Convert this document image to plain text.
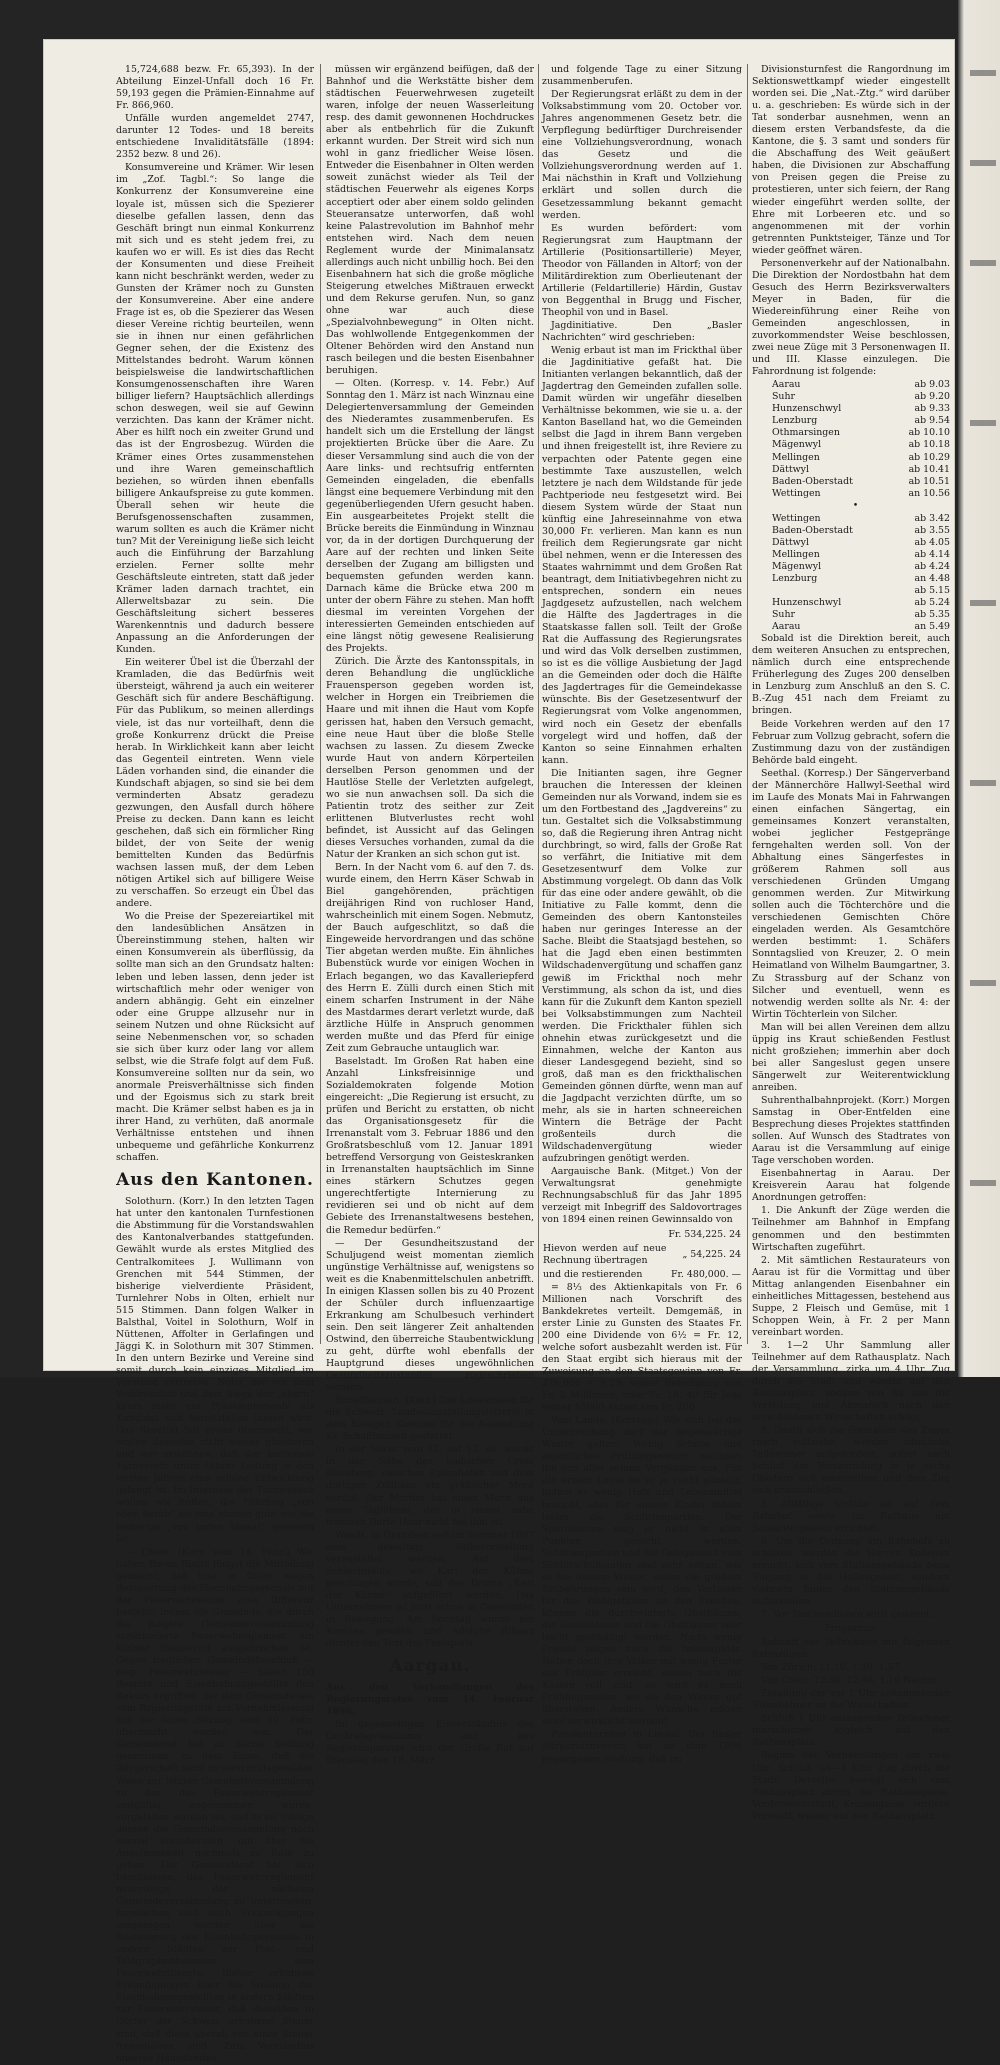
15,724,688 bezw. Fr. 65,393). In der Abteilung Einzel-Unfall doch 16 Fr. 59,193 gegen die Prämien-Einnahme auf Fr. 866,960.

Unfälle wurden angemeldet 2747, darunter 12 Todes- und 18 bereits entschiedene Invaliditätsfälle (1894: 2352 bezw. 8 und 26).

Konsumvereine und Krämer. Wir lesen im „Zof. Tagbl.“: So lange die Konkurrenz der Konsumvereine eine loyale ist, müssen sich die Spezierer dieselbe gefallen lassen, denn das Geschäft bringt nun einmal Konkurrenz mit sich und es steht jedem frei, zu kaufen wo er will. Es ist dies das Recht der Konsumenten und diese Freiheit kann nicht beschränkt werden, weder zu Gunsten der Krämer noch zu Gunsten der Konsumvereine. Aber eine andere Frage ist es, ob die Spezierer das Wesen dieser Vereine richtig beurteilen, wenn sie in ihnen nur einen gefährlichen Gegner sehen, der die Existenz des Mittelstandes bedroht. Warum können beispielsweise die landwirtschaftlichen Konsumgenossenschaften ihre Waren billiger liefern? Hauptsächlich allerdings schon deswegen, weil sie auf Gewinn verzichten. Das kann der Krämer nicht. Aber es hilft noch ein zweiter Grund und das ist der Engrosbezug. Würden die Krämer eines Ortes zusammenstehen und ihre Waren gemeinschaftlich beziehen, so würden ihnen ebenfalls billigere Ankaufspreise zu gute kommen. Überall sehen wir heute die Berufsgenossenschaften zusammen, warum sollten es auch die Krämer nicht tun? Mit der Vereinigung ließe sich leicht auch die Einführung der Barzahlung erzielen. Ferner sollte mehr Geschäftsleute eintreten, statt daß jeder Krämer laden darnach trachtet, ein Allerweltsbazar zu sein. Die Geschäftsleitung sichert besseres Warenkenntnis und dadurch bessere Anpassung an die Anforderungen der Kunden.

Ein weiterer Übel ist die Überzahl der Kramladen, die das Bedürfnis weit übersteigt, während ja auch ein weiterer Geschäft sich für andere Beschäftigung. Für das Publikum, so meinen allerdings viele, ist das nur vorteilhaft, denn die große Konkurrenz drückt die Preise herab. In Wirklichkeit kann aber leicht das Gegenteil eintreten. Wenn viele Läden vorhanden sind, die einander die Kundschaft abjagen, so sind sie bei dem verminderten Absatz geradezu gezwungen, den Ausfall durch höhere Preise zu decken. Dann kann es leicht geschehen, daß sich ein förmlicher Ring bildet, der von Seite der wenig bemittelten Kunden das Bedürfnis wachsen lassen muß, der dem Leben nötigen Artikel sich auf billigere Weise zu verschaffen. So erzeugt ein Übel das andere.

Wo die Preise der Spezereiartikel mit den landesüblichen Ansätzen in Übereinstimmung stehen, halten wir einen Konsumverein als überflüssig, da sollte man sich an den Grundsatz halten: leben und leben lassen, denn jeder ist wirtschaftlich mehr oder weniger von andern abhängig. Geht ein einzelner oder eine Gruppe allzusehr nur in seinem Nutzen und ohne Rücksicht auf seine Nebenmenschen vor, so schaden sie sich über kurz oder lang vor allem selbst, wie die Strafe folgt auf dem Fuß. Konsumvereine sollten nur da sein, wo anormale Preisverhältnisse sich finden und der Egoismus sich zu stark breit macht. Die Krämer selbst haben es ja in ihrer Hand, zu verhüten, daß anormale Verhältnisse entstehen und ihnen unbequeme und gefährliche Konkurrenz schaffen.

Aus den Kantonen.

Solothurn. (Korr.) In den letzten Tagen hat unter den kantonalen Turnfestionen die Abstimmung für die Vorstandswahlen des Kantonalverbandes stattgefunden. Gewählt wurde als erstes Mitglied des Centralkomitees J. Wullimann von Grenchen mit 544 Stimmen, der bisherige vielverdiente Präsident, Turnlehrer Nobs in Olten, erhielt nur 515 Stimmen. Dann folgen Walker in Balsthal, Voitel in Solothurn, Wolf in Nüttenen, Affolter in Gerlafingen und Jäggi K. in Solothurn mit 307 Stimmen. In den untern Bezirke und Vereine sind somit durch kein einziges Mitglied im Vorstand vertreten. Nobs, der vor dem Wahlresultat und dem Siege der „obern“ kaum mehr zur Präsidentenwahl als Kandidat sich bereitstellen lassen wird. Das Resultat hat etwas überrascht, wir wollen dasselbe nicht weiter glossieren und nur erwähnen, daß der kantonale Turnverein unter Oltens Leitung in den letzten Jahren eine schöne Entwicklung gelangt ist. Im Interesse des Turnwesens wollen wir hoffen, die Führung „von oben herab“ sei eine ebenso gute wie die bisherige „von unten hinauf“ gewesen ist.

— Olten. (Korr. vom 14. Febr.) Wir haben Ihrem Blatte jüngst die Mitteilung gemacht, daß hier in Olten wegen Besteuerung des Eisenbahnpersonals mit der Feuerwehrsteuer eine Differenz bestehe, indem die Gemeinde, die durch die jüngste Gemeindeversammlung sanktionierte Feuerwehreglement ein kleiner Hausstreit ausgebrochen ist. Gegen fraglichen Gemeindebeschluß — resp. Feuerwehrsteuer — haben 150 Beamte und Eisenbahnangestellte den Rekurs ergriffen, der dem Gemeinderate vom Regierungsrate zur Vernehmlassung auf die letzte Sitzung vom 10. Febr. übermacht worden war. Der Gemeinderat hat zu Sache Stellung genommen, zu dem Sinne, daß die Bürgerschaft nicht in vorschriftsgemäßer Weise zur letzten Gemeindeversammlung zu der das Feuerwehrreglement endgültig angenommen wurde, vorgeladen worden sei, und es sei infolge dessen die Gemeindeversammlung noch einmal einzuberufen, um über die Angelegenheit nochmals zu Rate zu gehen. Der Gemeinderat hat sich beschlossen, das Feuerwehrreglement neuerdings der nächsten Gemeindeversammlung zu unterbreiten. Inzwischen sind auch Erkundigungen eingezogen worden über die Besteuerung des Eisenbahnpersonals in andern Städten zur Post- und Telegraphenbeamten vom Feuerwehrdienste. Bisher erhobene Erkundigungen über die Stellung der Eisenbahnangestellten in andern Städten zur Feuerwehrsteuer, daß dieselben in Dörfer der Schweiz erhobene Steuer sind, daß diese überall von einer Steuer freigehalten sind. Zum Verständnis unseres Hausstreites

müssen wir ergänzend beifügen, daß der Bahnhof und die Werkstätte bisher dem städtischen Feuerwehrwesen zugeteilt waren, infolge der neuen Wasserleitung resp. des damit gewonnenen Hochdruckes aber als entbehrlich für die Zukunft erkannt wurden. Der Streit wird sich nun wohl in ganz friedlicher Weise lösen. Entweder die Eisenbahner in Olten werden soweit zunächst wieder als Teil der städtischen Feuerwehr als eigenes Korps acceptiert oder aber einem soldo gelinden Steueransatze unterworfen, daß wohl keine Palastrevolution im Bahnhof mehr entstehen wird. Nach dem neuen Reglement wurde der Minimalansatz allerdings auch nicht unbillig hoch. Bei den Eisenbahnern hat sich die große mögliche Steigerung etwelches Mißtrauen erweckt und dem Rekurse gerufen. Nun, so ganz ohne war auch diese „Spezialvohnbewegung“ in Olten nicht. Das wohlwollende Entgegenkommen der Oltener Behörden wird den Anstand nun rasch beilegen und die besten Eisenbahner beruhigen.

— Olten. (Korresp. v. 14. Febr.) Auf Sonntag den 1. März ist nach Winznau eine Delegiertenversammlung der Gemeinden des Niederamtes zusammenberufen. Es handelt sich um die Erstellung der längst projektierten Brücke über die Aare. Zu dieser Versammlung sind auch die von der Aare links- und rechtsufrig entfernten Gemeinden eingeladen, die ebenfalls längst eine bequemere Verbindung mit den gegenüberliegenden Ufern gesucht haben. Ein ausgearbeitetes Projekt stellt die Brücke bereits die Einmündung in Winznau vor, da in der dortigen Durchquerung der Aare auf der rechten und linken Seite derselben der Zugang am billigsten und bequemsten gefunden werden kann. Darnach käme die Brücke etwa 200 m unter der obern Fähre zu stehen. Man hofft diesmal im vereinten Vorgehen der interessierten Gemeinden entschieden auf eine längst nötig gewesene Realisierung des Projekts.

Zürich. Die Ärzte des Kantonsspitals, in deren Behandlung die unglückliche Frauensperson gegeben worden ist, welcher in Horgen ein Treibriemen die Haare und mit ihnen die Haut vom Kopfe gerissen hat, haben den Versuch gemacht, eine neue Haut über die bloße Stelle wachsen zu lassen. Zu diesem Zwecke wurde Haut von andern Körperteilen derselben Person genommen und der Hautlöse Stelle der Verletzten aufgelegt, wo sie nun anwachsen soll. Da sich die Patientin trotz des seither zur Zeit erlittenen Blutverlustes recht wohl befindet, ist Aussicht auf das Gelingen dieses Versuches vorhanden, zumal da die Natur der Kranken an sich schon gut ist.

Bern. In der Nacht vom 6. auf den 7. ds. wurde einem, den Herrn Käser Schwab in Biel gangehörenden, prächtigen dreijährigen Rind von ruchloser Hand, wahrscheinlich mit einem Sogen. Nebmutz, der Bauch aufgeschlitzt, so daß die Eingeweide hervordrangen und das schöne Tier abgetan werden mußte. Ein ähnliches Bubenstück wurde vor einigen Wochen in Erlach begangen, wo das Kavalleriepferd des Herrn E. Zülli durch einen Stich mit einem scharfen Instrument in der Nähe des Mastdarmes derart verletzt wurde, daß ärztliche Hülfe in Anspruch genommen werden mußte und das Pferd für einige Zeit zum Gebrauche untauglich war.

Baselstadt. Im Großen Rat haben eine Anzahl Linksfreisinnige und Sozialdemokraten folgende Motion eingereicht: „Die Regierung ist ersucht, zu prüfen und Bericht zu erstatten, ob nicht das Organisationsgesetz für die Irrenanstalt vom 3. Februar 1886 und den Großratsbeschluß vom 12. Januar 1891 betreffend Versorgung von Geisteskranken in Irrenanstalten hauptsächlich im Sinne eines stärkern Schutzes gegen ungerechtfertigte Internierung zu revidieren sei und ob nicht auf dem Gebiete des Irrenanstaltwesens bestehen, die Remedur bedürfen.“

— Der Gesundheitszustand der Schuljugend weist momentan ziemlich ungünstige Verhältnisse auf, wenigstens so weit es die Knabenmittelschulen anbetrifft. In einigen Klassen sollen bis zu 40 Prozent der Schüler durch influenzaartige Erkrankung am Schulbesuch verhindert sein. Den seit längerer Zeit anhaltenden Ostwind, den überreiche Staubentwicklung zu geht, dürfte wohl ebenfalls der Hauptgrund dieses ungewöhnlichen Gesundheitszustandes zugeschrieben werden.

Schaffhausen. (Korr.) Der Loosumsatz für die Schweiz. Landesausstellungslotterie in dem hiesigen Kantone für die Ausstellung Kt. Schaffhausen gestattet.

In der Nacht vom 12. auf 13. ds. wurde in der Nähe des badischen Ortes Blumberg, zwischen Epfenhofen und dem dortigen Zollhaus ein gräßlicher Mord verübt. Der Mörder hat einen Mann aus einen Taglöhner, der in einem nahe fremden Dorfe Haar nicht bei ihm ist.

Waadt. In Grandson soll im Sommer 1897 eine gewaltige Volksvorstellung veranstaltet werden. Auf dem Schlachtfelde, wo Karl der Kühne geschlagen wurde, soll das Drama „Karl der Kühne“ aufgeführt werden. Das Unternehmen ist jetzt schon in Gemeinden in Bewegung. Am Sonntag wurde ein Komitee gewählt und Adolphe Ribaux dichtet den Text des Festspiels.

Aargau.

Aus den Verhandlungen des Regierungsrates vom 14. Februar 1896.

Im gegenseitigen Einverständnis des Großratspräsidiums und des Regierungsrates wird der Große Rat auf Dienstag den 10. März

und folgende Tage zu einer Sitzung zusammenberufen.

Der Regierungsrat erläßt zu dem in der Volksabstimmung vom 20. October vor. Jahres angenommenen Gesetz betr. die Verpflegung bedürftiger Durchreisender eine Vollziehungsverordnung, wonach das Gesetz und die Vollziehungsverordnung werden auf 1. Mai nächsthin in Kraft und Vollziehung erklärt und sollen durch die Gesetzessammlung bekannt gemacht werden.

Es wurden befördert: vom Regierungsrat zum Hauptmann der Artillerie (Positionsartillerie) Meyer, Theodor von Fällanden in Altorf; von der Militärdirektion zum Oberlieutenant der Artillerie (Feldartillerie) Härdin, Gustav von Beggenthal in Brugg und Fischer, Theophil von und in Basel.

Jagdinitiative. Den „Basler Nachrichten“ wird geschrieben:

Wenig erbaut ist man im Frickthal über die Jagdinitiative gefaßt hat. Die Initianten verlangen bekanntlich, daß der Jagdertrag den Gemeinden zufallen solle. Damit würden wir ungefähr dieselben Verhältnisse bekommen, wie sie u. a. der Kanton Baselland hat, wo die Gemeinden selbst die Jagd in ihrem Bann vergeben und ihnen freigestellt ist, ihre Reviere zu verpachten oder Patente gegen eine bestimmte Taxe auszustellen, welch letztere je nach dem Wildstande für jede Pachtperiode neu festgesetzt wird. Bei diesem System würde der Staat nun künftig eine Jahreseinnahme von etwa 30,000 Fr. verlieren. Man kann es nun freilich dem Regierungsrate gar nicht übel nehmen, wenn er die Interessen des Staates wahrnimmt und dem Großen Rat beantragt, dem Initiativbegehren nicht zu entsprechen, sondern ein neues Jagdgesetz aufzustellen, nach welchem die Hälfte des Jagdertrages in die Staatskasse fallen soll. Teilt der Große Rat die Auffassung des Regierungsrates und wird das Volk derselben zustimmen, so ist es die völlige Ausbietung der Jagd an die Gemeinden oder doch die Hälfte des Jagdertrages für die Gemeindekasse wünschte. Bis der Gesetzesentwurf der Regierungsrat vom Volke angenommen, wird noch ein Gesetz der ebenfalls vorgelegt wird und hoffen, daß der Kanton so seine Einnahmen erhalten kann.

Die Initianten sagen, ihre Gegner brauchen die Interessen der kleinen Gemeinden nur als Vorwand, indem sie es um den Fortbestand des „Jagdvereins“ zu tun. Gestaltet sich die Volksabstimmung so, daß die Regierung ihren Antrag nicht durchbringt, so wird, falls der Große Rat so verfährt, die Initiative mit dem Gesetzesentwurf dem Volke zur Abstimmung vorgelegt. Ob dann das Volk für das eine oder andere gewählt, ob die Initiative zu Falle kommt, denn die Gemeinden des obern Kantonsteiles haben nur geringes Interesse an der Sache. Bleibt die Staatsjagd bestehen, so hat die Jagd eben einen bestimmten Wildschadenvergütung und schaffen ganz gewiß im Frickthal noch mehr Verstimmung, als schon da ist, und dies kann für die Zukunft dem Kanton speziell bei Volksabstimmungen zum Nachteil werden. Die Frickthaler fühlen sich ohnehin etwas zurückgesetzt und die Einnahmen, welche der Kanton aus dieser Landesgegend bezieht, sind so groß, daß man es den frickthalischen Gemeinden gönnen dürfte, wenn man auf die Jagdpacht verzichten dürfte, um so mehr, als sie in harten schneereichen Wintern die Beträge der Pacht großenteils durch die Wildschadenvergütung wieder aufzubringen genötigt werden.

Aargauische Bank. (Mitget.) Von der Verwaltungsrat genehmigte Rechnungsabschluß für das Jahr 1895 verzeigt mit Inbegriff des Saldovortrages von 1894 einen reinen Gewinnsaldo von

	Fr. 534,225. 24
Hievon werden auf neue Rechnung übertragen	„ 54,225. 24
und die restierenden	Fr. 480,000. —

= 8⅓ des Aktienkapitals von Fr. 6 Millionen nach Vorschrift des Bankdekretes verteilt. Demgemäß, in erster Linie zu Gunsten des Staates Fr. 200 eine Dividende von 6½ = Fr. 12, welche sofort ausbezahlt werden ist. Für den Staat ergibt sich hieraus mit der Zuweisung an den Staatsgewinn von Fr. 276,000 = 9,2% seiner Beteiligung von Fr. 3 Millionen, oder Fr. 18. 40 für jede seiner 15000 Aktien von Fr. 200.

Vom Lande. (Korresp.) Wie sich bei der Unterbrechung darf der gegenwärtige Winter gelten. Wenig Schnee und eigentliches Frühlingswetter zeichnen ihn von aller seinen Vorgängen aus. Für die armen Leute ist er ja recht günstig, indem er wenig Holz und Lebensmittel braucht, aber für unsere Kinder fehlen leider die Schlittenpartien. Der Sportsleuten mag er nicht in allen Punkten gerecht werden. Schlittenpartien und die Gelegenheit zum Schlittschuhlaufen sind sehr selten, wie es bei diesem Winter, vielen die größten Entbehrungen sein wird, den Verlusten für das Wohlgefallen an den Freuden, können die durchwinterte Obstbäume, die Nadelbäume und die Obstbäume sehr leicht geschädigt werden. Nicht wenig Freude zeigen auch die Imbengilder. Haben doch ihre Völker mit wenig Futter das Frühjahr erreicht, wovon noch die Kasten voll sind, so wird es noch Frühlingszeiten, wo sie den Winter gut überstehen. Andere Wünsche mögen wohl verwirklicht werden!

Pistolenturnfest in Liestal. Der Basler Bürgerturnverein hat an dem 1896 gegangenen Stellung, daß im

Divisionsturnfest die Rangordnung im Sektionswettkampf wieder eingestellt worden sei. Die „Nat.-Ztg.“ wird darüber u. a. geschrieben: Es würde sich in der Tat sonderbar ausnehmen, wenn an diesem ersten Verbandsfeste, da die Kantone, die §. 3 samt und sonders für die Abschaffung des Weit geäußert haben, die Divisionen zur Abschaffung von Preisen gegen die Preise zu protestieren, unter sich feiern, der Rang wieder eingeführt werden sollte, der Ehre mit Lorbeeren etc. und so angenommenen mit der vorhin getrennten Punktsteiger, Tänze und Tor wieder geöffnet wären.

Personenverkehr auf der Nationalbahn. Die Direktion der Nordostbahn hat dem Gesuch des Herrn Bezirksverwalters Meyer in Baden, für die Wiedereinführung einer Reihe von Gemeinden angeschlossen, in zuvorkommendster Weise beschlossen, zwei neue Züge mit 3 Personenwagen II. und III. Klasse einzulegen. Die Fahrordnung ist folgende:

Aarau	ab 9.03
Suhr	ab 9.20
Hunzenschwyl	ab 9.33
Lenzburg	ab 9.54
Othmarsingen	ab 10.10
Mägenwyl	ab 10.18
Mellingen	ab 10.29
Dättwyl	ab 10.41
Baden-Oberstadt	ab 10.51
Wettingen	an 10.56

•

Wettingen	ab 3.42
Baden-Oberstadt	ab 3.55
Dättwyl	ab 4.05
Mellingen	ab 4.14
Mägenwyl	ab 4.24
Lenzburg	an 4.48
	ab 5.15
Hunzenschwyl	ab 5.24
Suhr	ab 5.35
Aarau	an 5.49

Sobald ist die Direktion bereit, auch dem weiteren Ansuchen zu entsprechen, nämlich durch eine entsprechende Früherlegung des Zuges 200 denselben in Lenzburg zum Anschluß an den S. C. B.-Zug 451 nach dem Freiamt zu bringen.

Beide Vorkehren werden auf den 17 Februar zum Vollzug gebracht, sofern die Zustimmung dazu von der zuständigen Behörde bald eingeht.

Seethal. (Korresp.) Der Sängerverband der Männerchöre Hallwyl-Seethal wird im Laufe des Monats Mai in Fahrwangen einen einfachen Sängertag, ein gemeinsames Konzert veranstalten, wobei jeglicher Festgepränge ferngehalten werden soll. Von der Abhaltung eines Sängerfestes in größerem Rahmen soll aus verschiedenen Gründen Umgang genommen werden. Zur Mitwirkung sollen auch die Töchterchöre und die verschiedenen Gemischten Chöre eingeladen werden. Als Gesamtchöre werden bestimmt: 1. Schäfers Sonntagslied von Kreuzer, 2. O mein Heimatland von Wilhelm Baumgartner, 3. Zu Strassburg auf der Schanz von Silcher und eventuell, wenn es notwendig werden sollte als Nr. 4: der Wirtin Töchterlein von Silcher.

Man will bei allen Vereinen dem allzu üppig ins Kraut schießenden Festlust nicht großziehen; immerhin aber doch bei aller Sangeslust gegen unsere Sängerwelt zur Weiterentwicklung anreiben.

Suhrenthalbahnprojekt. (Korr.) Morgen Samstag in Ober-Entfelden eine Besprechung dieses Projektes stattfinden sollen. Auf Wunsch des Stadtrates von Aarau ist die Versammlung auf einige Tage verschoben worden.

Eisenbahnertag in Aarau. Der Kreisverein Aarau hat folgende Anordnungen getroffen:

1. Die Ankunft der Züge werden die Teilnehmer am Bahnhof in Empfang genommen und den bestimmten Wirtschaften zugeführt.

2. Mit sämtlichen Restaurateurs von Aarau ist für die Vormittag und über Mittag anlangenden Eisenbahner ein einheitliches Mittagessen, bestehend aus Suppe, 2 Fleisch und Gemüse, mit 1 Schoppen Wein, à Fr. 2 per Mann vereinbart worden.

3. 1—2 Uhr Sammlung aller Teilnehmer auf dem Rathausplatz. Nach der Versammlung, zirka um 4 Uhr, Zug durch die Stadt und wieder auf den Rathausplatz, sodann von da aus die Verteilung und Abmarsch nach den verschiedenen Wirtschaften erfolgt.

5. Damit sich die Formation des Zuges rasch vollziehe, werden sämtliche Teilnehmer aufgefordert, sofort nach Schluß der Versammlung in je sechs Gliedern sich einzureihen und dem Zug sich anzuschließen.

5. Allfällige Unfälle ist auf dem Bahnhof sowie im Rathaus ein Samariterposten errichtet.

6. Um die Ordnung am Bahnhofe zu erhalten, werden die Herren Kollegen ersucht, sich vom Stationsgebäude beim Eingang in die Hallengebiet, sondern vielmehr hinter den Stationsgebäude aufzustellen.

7. Vor Taschendieben wird gewarnt.

Programm:

Ankunft der Teilnehmer mit folgenden Extrazügen:

Von Zürich: 11.10, 1.30, 1.57.

Von Olten: 12.36, 12.46, 1.10 Nachm.

Zuteilung der vor 1 Uhr ankommenden Eisenbahner an die Wirtschaften.

Schluß 1 Uhr anlangenden Teilnehmer marschieren sogleich auf den Rathausplatz.

Beginn der Verhandlungen um zwei Uhr. Schluß ¼4—4 Uhr. Zug durch die Stadt. Derselbe bewegt sich vom Rathausplatz durch die Rathausgasse, Vorderenvorstadt, Kronengasse, vordere Vorstadt, wieder auf den Rathausplatz.
